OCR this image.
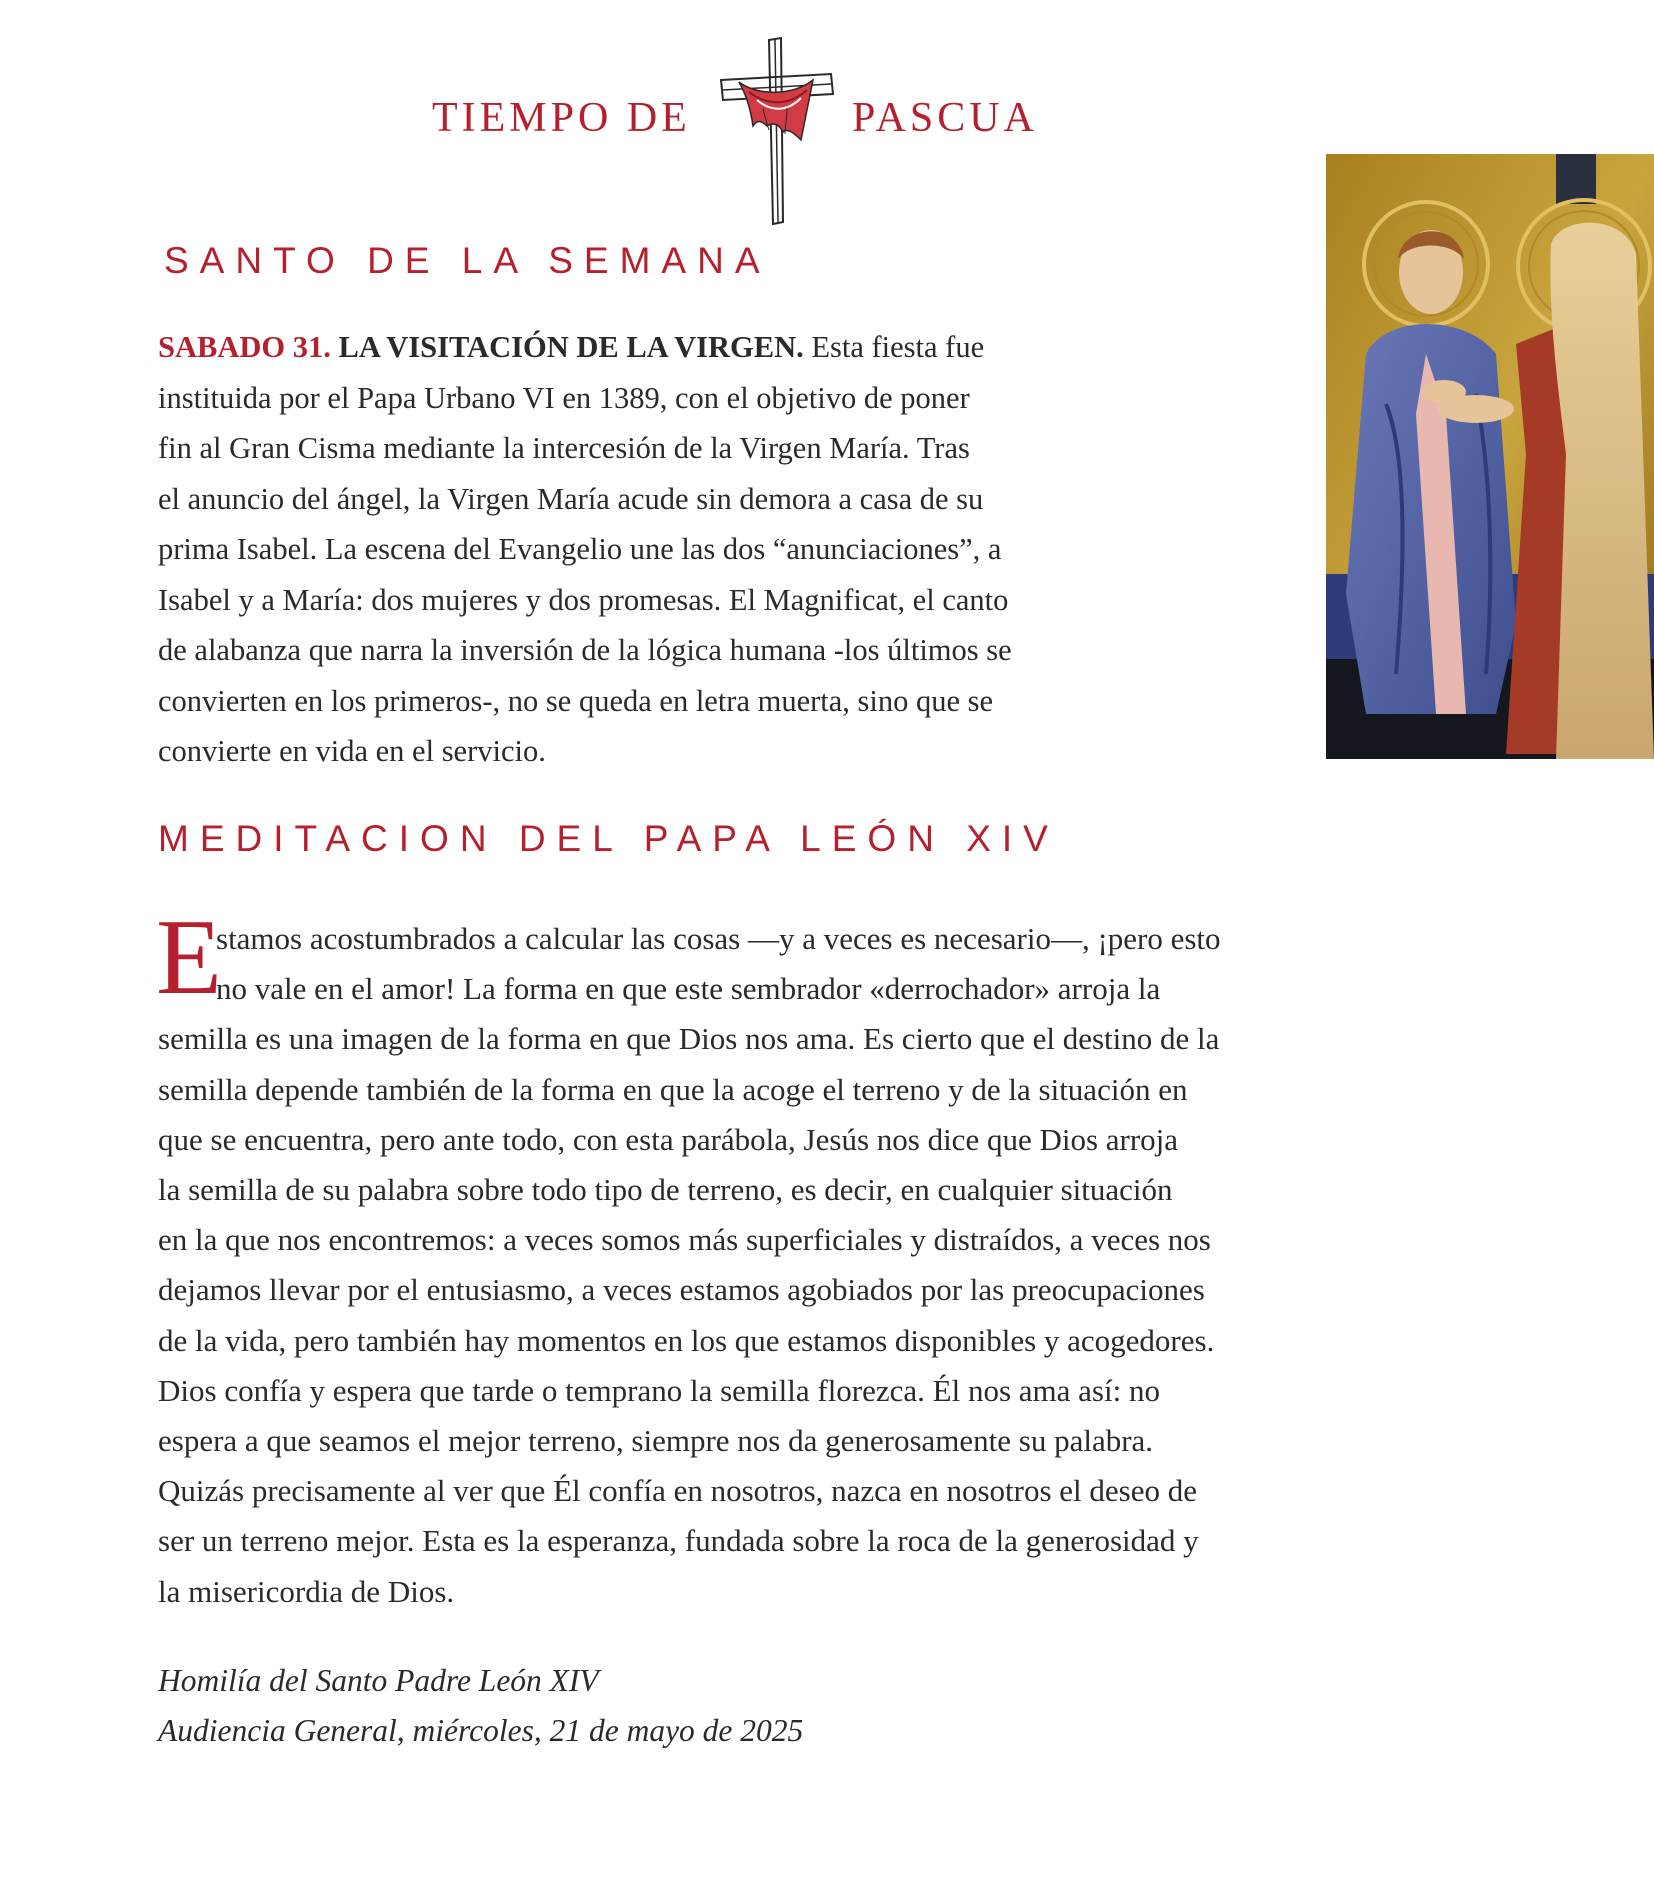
TIEMPO DE	PASCUA
SANTO DE LA SEMANA
SABADO 31. LA VISITACIÓN DE LA VIRGEN. Esta fiesta fue
instituida por el Papa Urbano VI en 1389, con el objetivo de poner
fin al Gran Cisma mediante la intercesión de la Virgen María. Tras
el anuncio del ángel, la Virgen María acude sin demora a casa de su
prima Isabel. La escena del Evangelio une las dos “anunciaciones”, a
Isabel y a María: dos mujeres y dos promesas. El Magnificat, el canto
de alabanza que narra la inversión de la lógica humana -los últimos se
convierten en los primeros-, no se queda en letra muerta, sino que se
convierte en vida en el servicio.
MEDITACION DEL PAPA LEÓN XIV
E
stamos acostumbrados a calcular las cosas —y a veces es necesario—, ¡pero esto
no vale en el amor! La forma en que este sembrador «derrochador» arroja la
semilla es una imagen de la forma en que Dios nos ama. Es cierto que el destino de la
semilla depende también de la forma en que la acoge el terreno y de la situación en
que se encuentra, pero ante todo, con esta parábola, Jesús nos dice que Dios arroja
la semilla de su palabra sobre todo tipo de terreno, es decir, en cualquier situación
en la que nos encontremos: a veces somos más superficiales y distraídos, a veces nos
dejamos llevar por el entusiasmo, a veces estamos agobiados por las preocupaciones
de la vida, pero también hay momentos en los que estamos disponibles y acogedores.
Dios confía y espera que tarde o temprano la semilla florezca. Él nos ama así: no
espera a que seamos el mejor terreno, siempre nos da generosamente su palabra.
Quizás precisamente al ver que Él confía en nosotros, nazca en nosotros el deseo de
ser un terreno mejor. Esta es la esperanza, fundada sobre la roca de la generosidad y
la misericordia de Dios.
Homilía del Santo Padre León XIV
Audiencia General, miércoles, 21 de mayo de 2025
